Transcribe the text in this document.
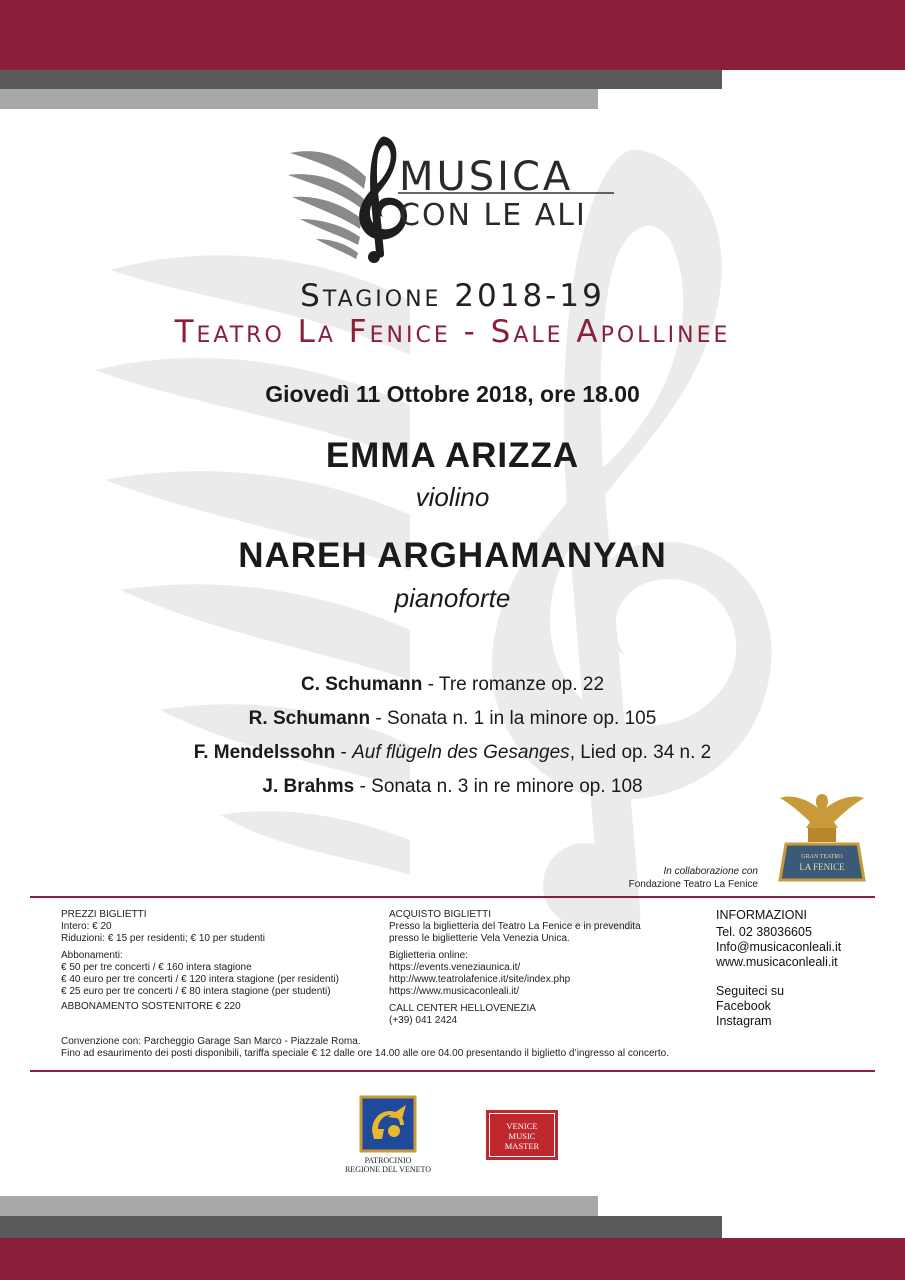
MUSICA
CON LE ALI
Stagione 2018-19
Teatro La Fenice - Sale Apollinee
Giovedì 11 Ottobre 2018, ore 18.00
EMMA ARIZZA
violino
NAREH ARGHAMANYAN
pianoforte
C. Schumann - Tre romanze op. 22
R. Schumann - Sonata n. 1 in la minore op. 105
F. Mendelssohn - Auf flügeln des Gesanges, Lied op. 34 n. 2
J. Brahms - Sonata n. 3 in re minore op. 108
In collaborazione con
Fondazione Teatro La Fenice
GRAN TEATRO
LA FENICE

PREZZI BIGLIETTI

Intero: € 20

Riduzioni: € 15 per residenti; € 10 per studenti

Abbonamenti:

€ 50 per tre concerti / € 160 intera stagione

€ 40 euro per tre concerti / € 120 intera stagione (per residenti)

€ 25 euro per tre concerti / € 80 intera stagione (per studenti)

ABBONAMENTO SOSTENITORE € 220

ACQUISTO BIGLIETTI

Presso la biglietteria del Teatro La Fenice e in prevendita

presso le biglietterie Vela Venezia Unica.

Biglietteria online:

https://events.veneziaunica.it/

http://www.teatrolafenice.it/site/index.php

https://www.musicaconleali.it/

CALL CENTER HELLOVENEZIA

(+39) 041 2424

INFORMAZIONI

Tel. 02 38036605

Info@musicaconleali.it

www.musicaconleali.it

Seguiteci su

Facebook

Instagram

Convenzione con: Parcheggio Garage San Marco - Piazzale Roma.
Fino ad esaurimento dei posti disponibili, tariffa speciale € 12 dalle ore 14.00 alle ore 04.00 presentando il biglietto d’ingresso al concerto.
PATROCINIO
REGIONE DEL VENETO
VENICE
MUSIC
MASTER
